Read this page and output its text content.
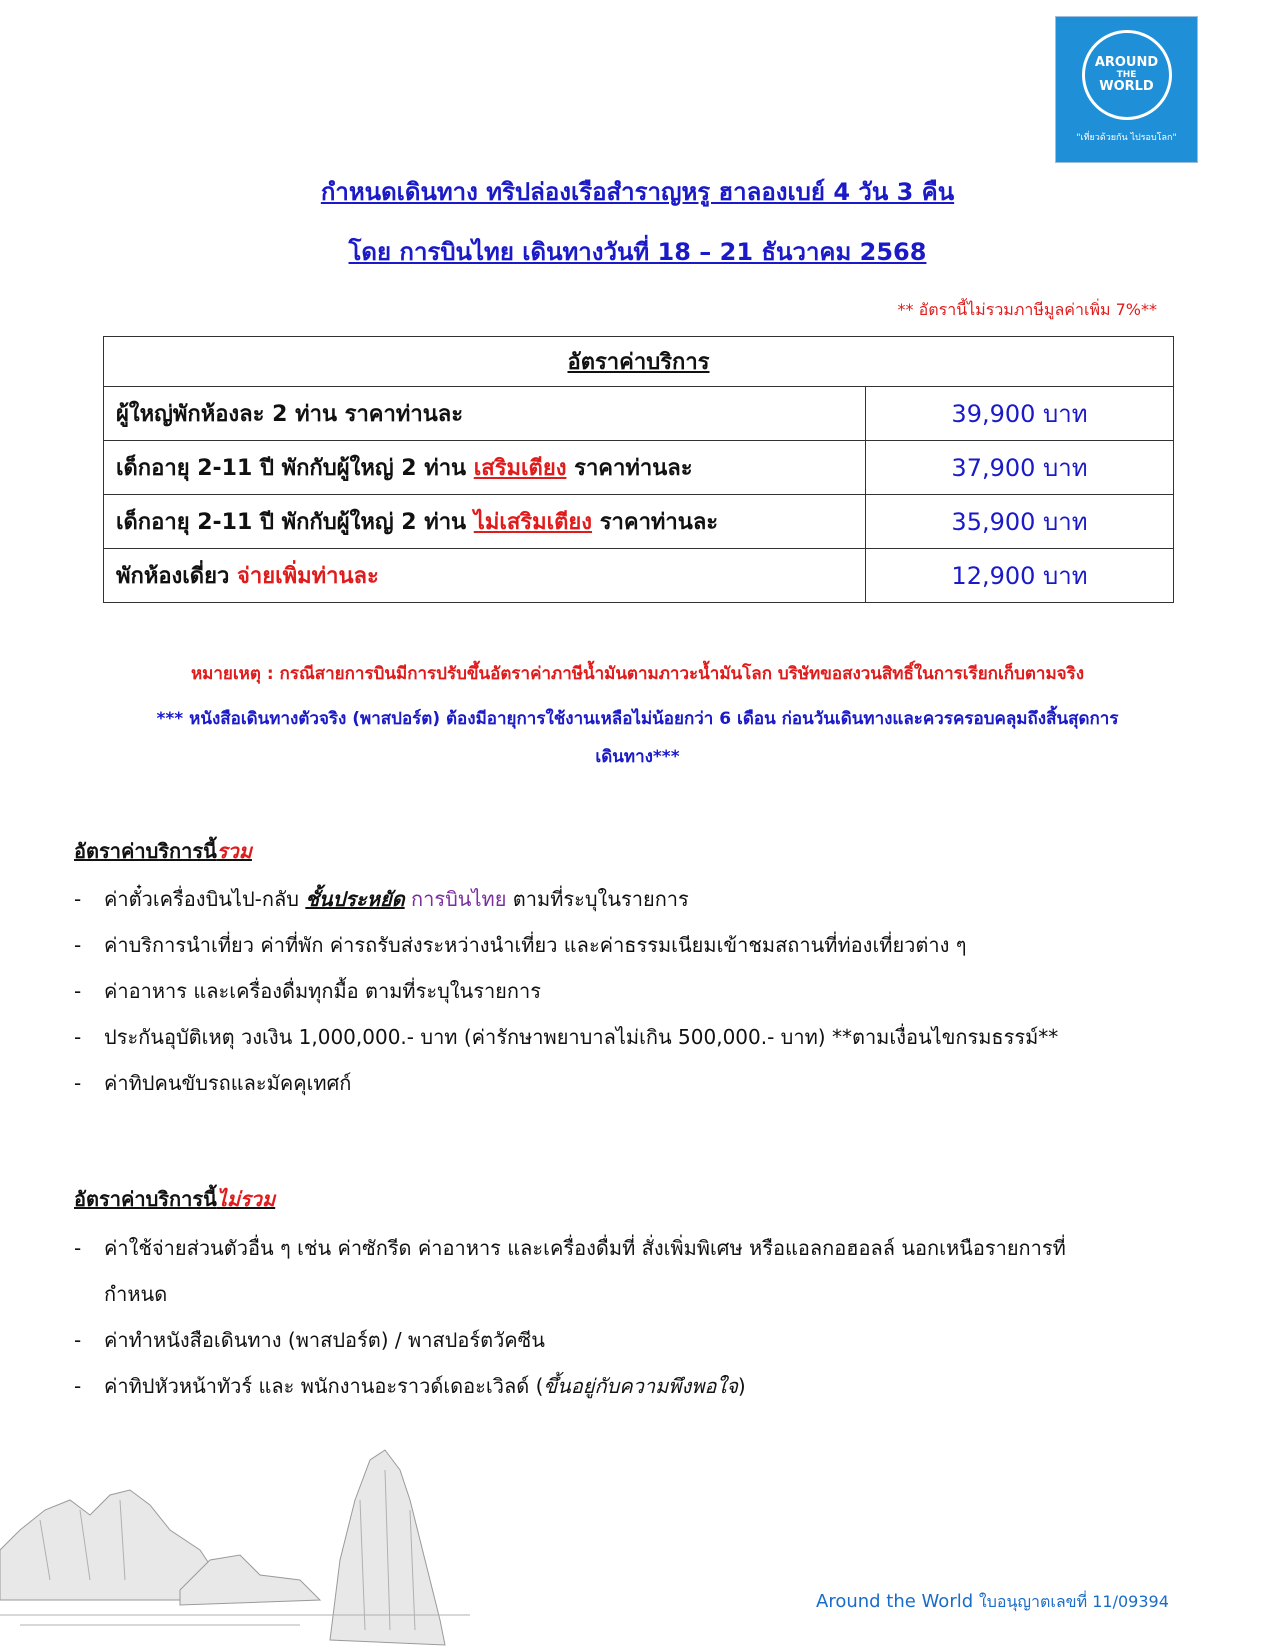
AROUND
THE
WORLD
"เที่ยวด้วยกัน ไปรอบโลก"
กำหนดเดินทาง ทริปล่องเรือสำราญหรู ฮาลองเบย์ 4 วัน 3 คืน
โดย การบินไทย เดินทางวันที่ 18 – 21 ธันวาคม 2568
** อัตรานี้ไม่รวมภาษีมูลค่าเพิ่ม 7%**
อัตราค่าบริการ	
ผู้ใหญ่พักห้องละ 2 ท่าน ราคาท่านละ	39,900 บาท
เด็กอายุ 2-11 ปี พักกับผู้ใหญ่ 2 ท่าน เสริมเตียง ราคาท่านละ	37,900 บาท
เด็กอายุ 2-11 ปี พักกับผู้ใหญ่ 2 ท่าน ไม่เสริมเตียง ราคาท่านละ	35,900 บาท
พักห้องเดี่ยว จ่ายเพิ่มท่านละ	12,900 บาท
หมายเหตุ : กรณีสายการบินมีการปรับขึ้นอัตราค่าภาษีน้ำมันตามภาวะน้ำมันโลก บริษัทขอสงวนสิทธิ์ในการเรียกเก็บตามจริง
*** หนังสือเดินทางตัวจริง (พาสปอร์ต) ต้องมีอายุการใช้งานเหลือไม่น้อยกว่า 6 เดือน ก่อนวันเดินทางและควรครอบคลุมถึงสิ้นสุดการ
เดินทาง***
อัตราค่าบริการนี้รวม
- ค่าตั๋วเครื่องบินไป-กลับ ชั้นประหยัด การบินไทย ตามที่ระบุในรายการ
- ค่าบริการนำเที่ยว ค่าที่พัก ค่ารถรับส่งระหว่างนำเที่ยว และค่าธรรมเนียมเข้าชมสถานที่ท่องเที่ยวต่าง ๆ
- ค่าอาหาร และเครื่องดื่มทุกมื้อ ตามที่ระบุในรายการ
- ประกันอุบัติเหตุ วงเงิน 1,000,000.- บาท (ค่ารักษาพยาบาลไม่เกิน 500,000.- บาท) **ตามเงื่อนไขกรมธรรม์**
- ค่าทิปคนขับรถและมัคคุเทศก์
อัตราค่าบริการนี้ไม่รวม
- ค่าใช้จ่ายส่วนตัวอื่น ๆ เช่น ค่าซักรีด ค่าอาหาร และเครื่องดื่มที่ สั่งเพิ่มพิเศษ หรือแอลกอฮอลล์ นอกเหนือรายการที่
กำหนด
- ค่าทำหนังสือเดินทาง (พาสปอร์ต) / พาสปอร์ตวัคซีน
- ค่าทิปหัวหน้าทัวร์ และ พนักงานอะราวด์เดอะเวิลด์ (ขึ้นอยู่กับความพึงพอใจ)
Around the World ใบอนุญาตเลขที่ 11/09394
